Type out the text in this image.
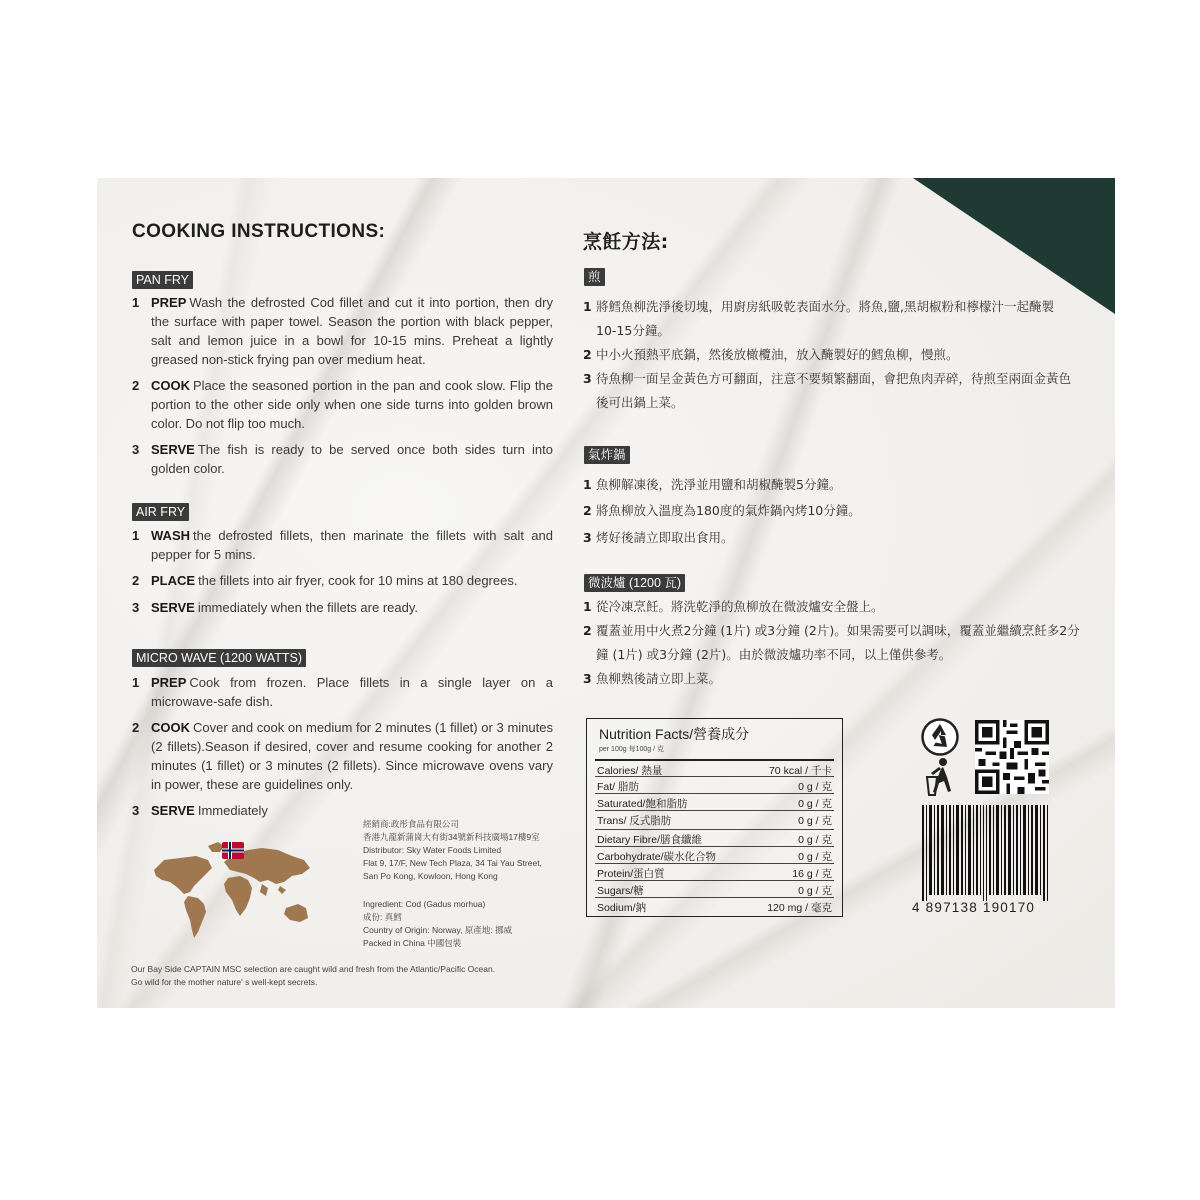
COOKING INSTRUCTIONS:
PAN FRY
1 PREP Wash the defrosted Cod fillet and cut it into portion, then dry the surface with paper towel. Season the portion with black pepper, salt and lemon juice in a bowl for 10-15 mins. Preheat a lightly greased non-stick frying pan over medium heat.
2 COOK Place the seasoned portion in the pan and cook slow. Flip the portion to the other side only when one side turns into golden brown color. Do not flip too much.
3 SERVE The fish is ready to be served once both sides turn into golden color.
AIR FRY
1 WASH the defrosted fillets, then marinate the fillets with salt and pepper for 5 mins.
2 PLACE the fillets into air fryer, cook for 10 mins at 180 degrees.
3 SERVE immediately when the fillets are ready.
MICRO WAVE (1200 WATTS)
1 PREP Cook from frozen. Place fillets in a single layer on a microwave-safe dish.
2 COOK Cover and cook on medium for 2 minutes (1 fillet) or 3 minutes (2 fillets).Season if desired, cover and resume cooking for another 2 minutes (1 fillet) or 3 minutes (2 fillets). Since microwave ovens vary in power, these are guidelines only.
3 SERVE Immediately
經銷商:政彤食品有限公司
香港九龍新蒲崗大有街34號新科技廣場17樓9室
Distributor: Sky Water Foods Limited
Flat 9, 17/F, New Tech Plaza, 34 Tai Yau Street,
San Po Kong, Kowloon, Hong Kong
Ingredient: Cod (Gadus morhua)
成份: 真鱈
Country of Origin: Norway, 原產地: 挪威
Packed in China 中國包裝
Our Bay Side CAPTAIN MSC selection are caught wild and fresh from the Atlantic/Pacific Ocean.
Go wild for the mother nature' s well-kept secrets.
烹飪方法:
煎
1 將鱈魚柳洗淨後切塊，用廚房紙吸乾表面水分。將魚,鹽,黑胡椒粉和檸檬汁一起醃製
10-15分鐘。
2 中小火預熱平底鍋，然後放橄欖油，放入醃製好的鱈魚柳，慢煎。
3 待魚柳一面呈金黃色方可翻面，注意不要頻繁翻面，會把魚肉弄碎，待煎至兩面金黃色
後可出鍋上菜。
氣炸鍋
1 魚柳解凍後，洗淨並用鹽和胡椒醃製5分鐘。
2 將魚柳放入溫度為180度的氣炸鍋內烤10分鐘。
3 烤好後請立即取出食用。
微波爐 (1200 瓦)
1 從冷凍烹飪。將洗乾淨的魚柳放在微波爐安全盤上。
2 覆蓋並用中火煮2分鐘 (1片) 或3分鐘 (2片)。如果需要可以調味，覆蓋並繼續烹飪多2分
鐘 (1片) 或3分鐘 (2片)。由於微波爐功率不同，以上僅供參考。
3 魚柳熟後請立即上菜。
Nutrition Facts/營養成分
per 100g 每100g / 克
Calories/ 熱量	70 kcal / 千卡
Fat/ 脂肪	0 g / 克
Saturated/飽和脂肪	0 g / 克
Trans/ 反式脂肪	0 g / 克
Dietary Fibre/膳食纖維	0 g / 克
Carbohydrate/碳水化合物	0 g / 克
Protein/蛋白質	16 g / 克
Sugars/糖	0 g / 克
Sodium/鈉	120 mg / 毫克	4 897138 190170
